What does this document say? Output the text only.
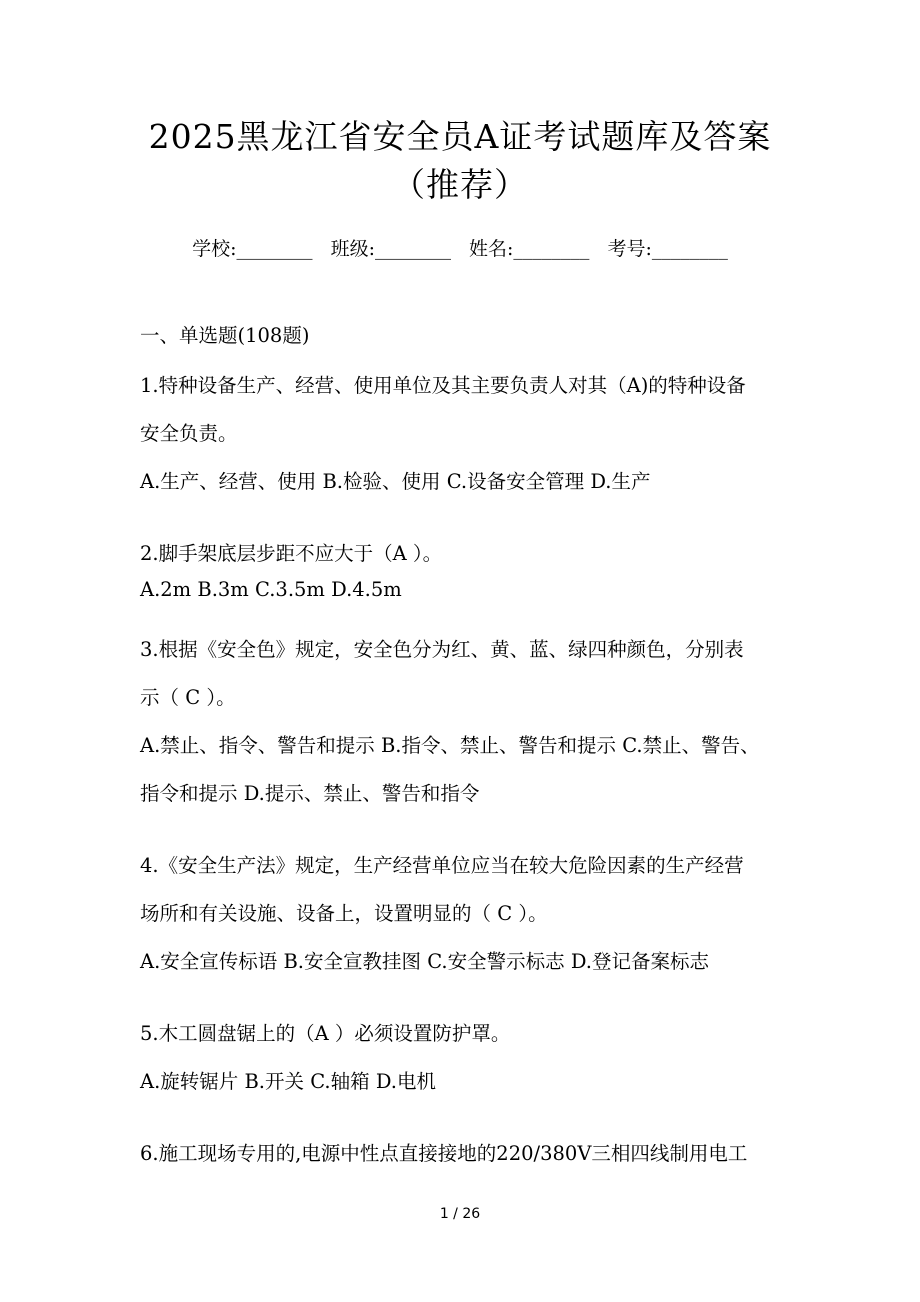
2025黑龙江省安全员A证考试题库及答案
（推荐）
学校:________ 班级:________ 姓名:________ 考号:________
一、单选题(108题)
1.特种设备生产、经营、使用单位及其主要负责人对其（A)的特种设备
安全负责。
A.生产、经营、使用 B.检验、使用 C.设备安全管理 D.生产
2.脚手架底层步距不应大于（A ）。
A.2m B.3m C.3.5m D.4.5m
3.根据《安全色》规定，安全色分为红、黄、蓝、绿四种颜色，分别表
示（ C ）。
A.禁止、指令、警告和提示 B.指令、禁止、警告和提示 C.禁止、警告、
指令和提示 D.提示、禁止、警告和指令
4.《安全生产法》规定，生产经营单位应当在较大危险因素的生产经营
场所和有关设施、设备上，设置明显的（ C ）。
A.安全宣传标语 B.安全宣教挂图 C.安全警示标志 D.登记备案标志
5.木工圆盘锯上的（A ）必须设置防护罩。
A.旋转锯片 B.开关 C.轴箱 D.电机
6.施工现场专用的,电源中性点直接接地的220/380V三相四线制用电工
1 / 26
